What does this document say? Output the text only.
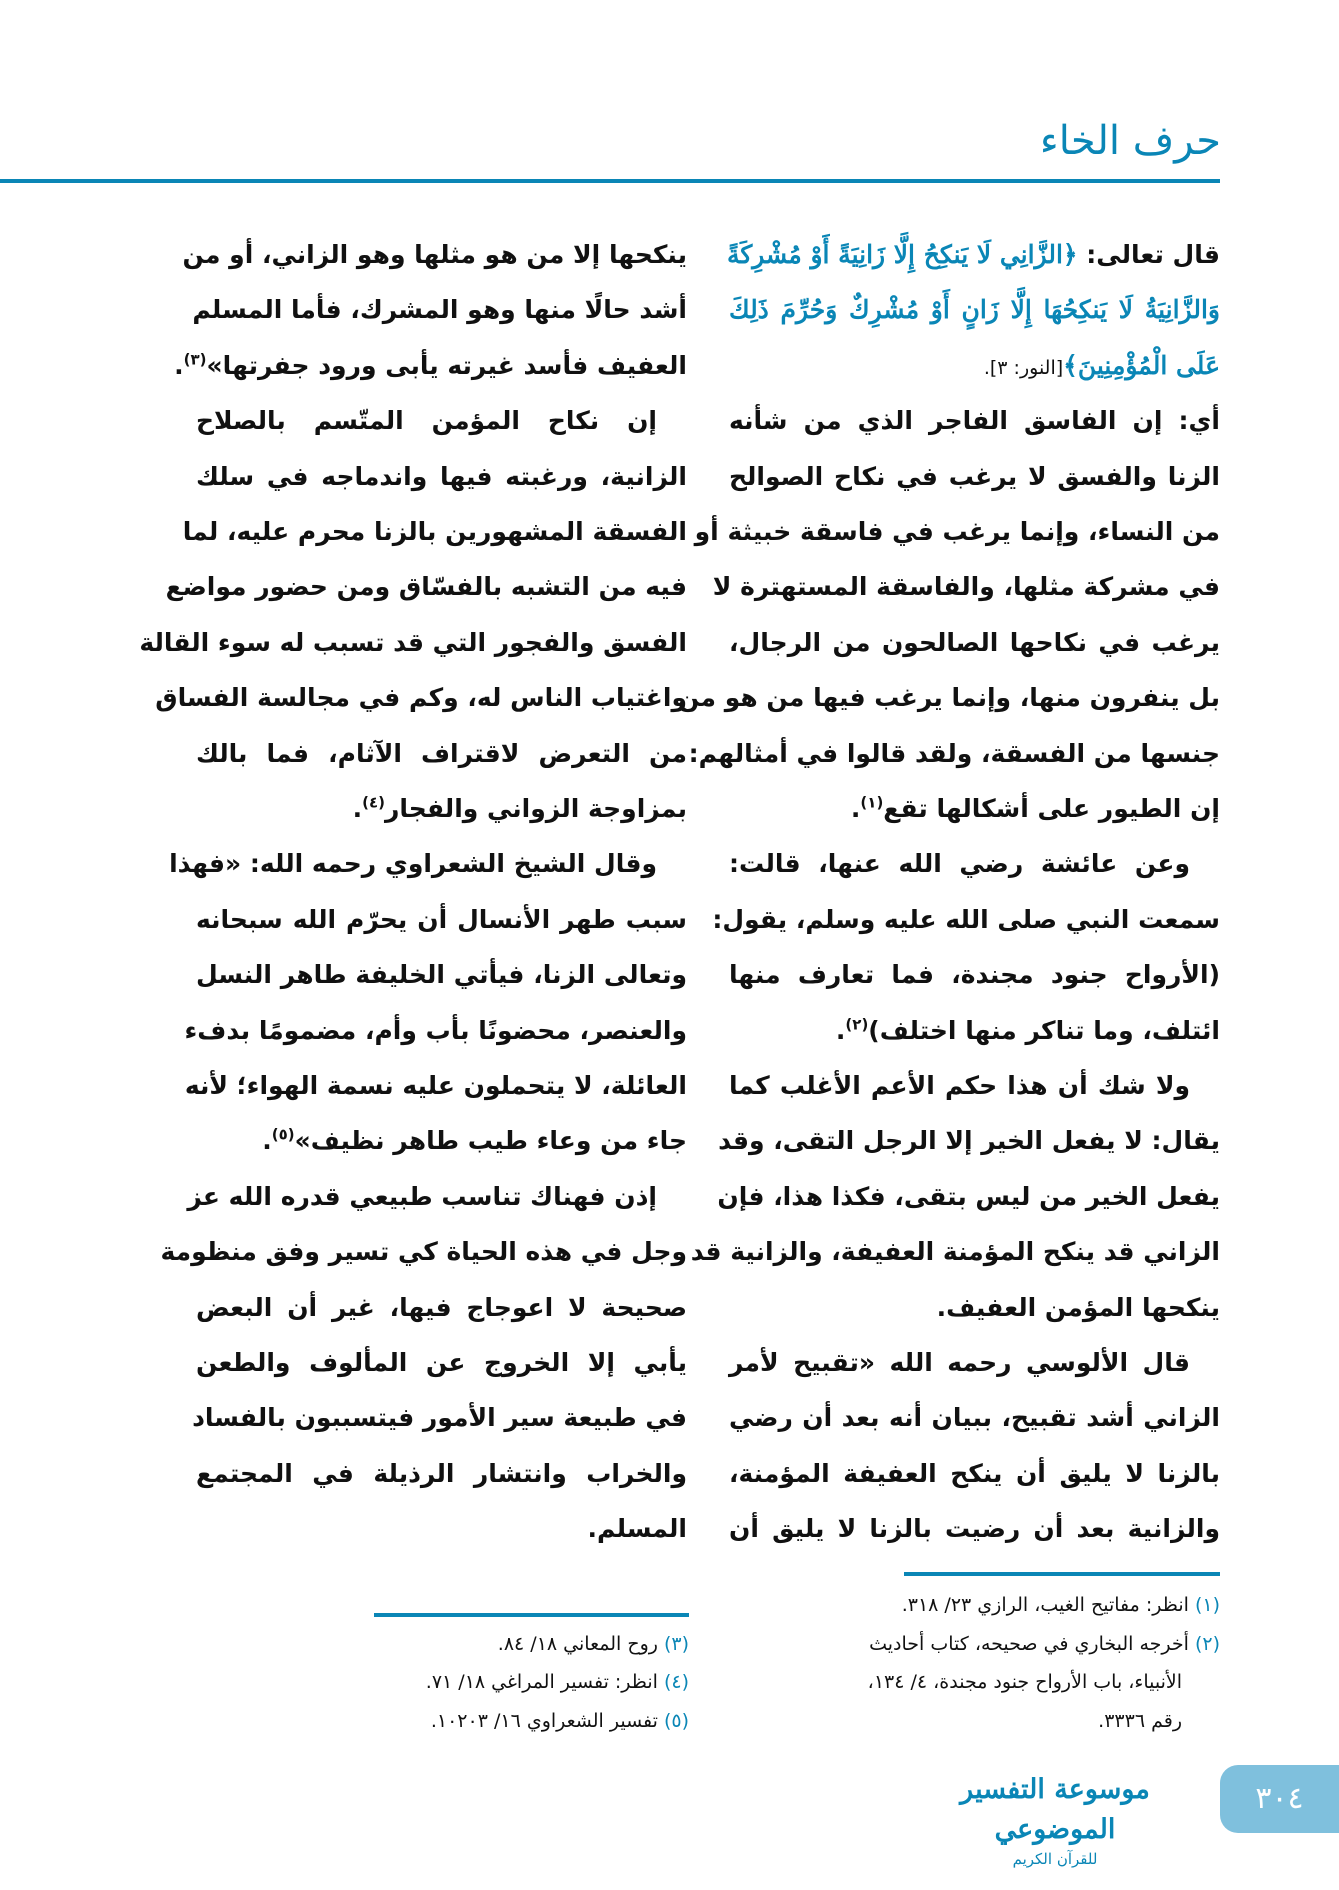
حرف الخاء
قال تعالى: ﴿الزَّانِي لَا يَنكِحُ إِلَّا زَانِيَةً أَوْ مُشْرِكَةً
وَالزَّانِيَةُ لَا يَنكِحُهَا إِلَّا زَانٍ أَوْ مُشْرِكٌ وَحُرِّمَ ذَلِكَ
عَلَى الْمُؤْمِنِينَ﴾[النور: ٣].
أي: إن الفاسق الفاجر الذي من شأنه
الزنا والفسق لا يرغب في نكاح الصوالح
من النساء، وإنما يرغب في فاسقة خبيثة أو
في مشركة مثلها، والفاسقة المستهترة لا
يرغب في نكاحها الصالحون من الرجال،
بل ينفرون منها، وإنما يرغب فيها من هو من
جنسها من الفسقة، ولقد قالوا في أمثالهم:
إن الطيور على أشكالها تقع$^{(١)}$.
وعن عائشة رضي الله عنها، قالت:
سمعت النبي صلى الله عليه وسلم، يقول:
(الأرواح جنود مجندة، فما تعارف منها
ائتلف، وما تناكر منها اختلف)$^{(٢)}$.
ولا شك أن هذا حكم الأعم الأغلب كما
يقال: لا يفعل الخير إلا الرجل التقى، وقد
يفعل الخير من ليس بتقى، فكذا هذا، فإن
الزاني قد ينكح المؤمنة العفيفة، والزانية قد
ينكحها المؤمن العفيف.
قال الألوسي رحمه الله «تقبيح لأمر
الزاني أشد تقبيح، ببيان أنه بعد أن رضي
بالزنا لا يليق أن ينكح العفيفة المؤمنة،
والزانية بعد أن رضيت بالزنا لا يليق أن
ينكحها إلا من هو مثلها وهو الزاني، أو من
أشد حالًا منها وهو المشرك، فأما المسلم
العفيف فأسد غيرته يأبى ورود جفرتها»$^{(٣)}$.
إن نكاح المؤمن المتّسم بالصلاح
الزانية، ورغبته فيها واندماجه في سلك
الفسقة المشهورين بالزنا محرم عليه، لما
فيه من التشبه بالفسّاق ومن حضور مواضع
الفسق والفجور التي قد تسبب له سوء القالة
واغتياب الناس له، وكم في مجالسة الفساق
من التعرض لاقتراف الآثام، فما بالك
بمزاوجة الزواني والفجار$^{(٤)}$.
وقال الشيخ الشعراوي رحمه الله: «فهذا
سبب طهر الأنسال أن يحرّم الله سبحانه
وتعالى الزنا، فيأتي الخليفة طاهر النسل
والعنصر، محضونًا بأب وأم، مضمومًا بدفء
العائلة، لا يتحملون عليه نسمة الهواء؛ لأنه
جاء من وعاء طيب طاهر نظيف»$^{(٥)}$.
إذن فهناك تناسب طبيعي قدره الله عز
وجل في هذه الحياة كي تسير وفق منظومة
صحيحة لا اعوجاج فيها، غير أن البعض
يأبي إلا الخروج عن المألوف والطعن
في طبيعة سير الأمور فيتسببون بالفساد
والخراب وانتشار الرذيلة في المجتمع
المسلم.
(١)انظر: مفاتيح الغيب، الرازي ٢٣/ ٣١٨.
(٢)أخرجه البخاري في صحيحه، كتاب أحاديث
الأنبياء، باب الأرواح جنود مجندة، ٤/ ١٣٤،
رقم ٣٣٣٦.
(٣)روح المعاني ١٨/ ٨٤.
(٤)انظر: تفسير المراغي ١٨/ ٧١.
(٥)تفسير الشعراوي ١٦/ ١٠٢٠٣.
موسوعة التفسير الموضوعي
للقرآن الكريم
٣٠٤
